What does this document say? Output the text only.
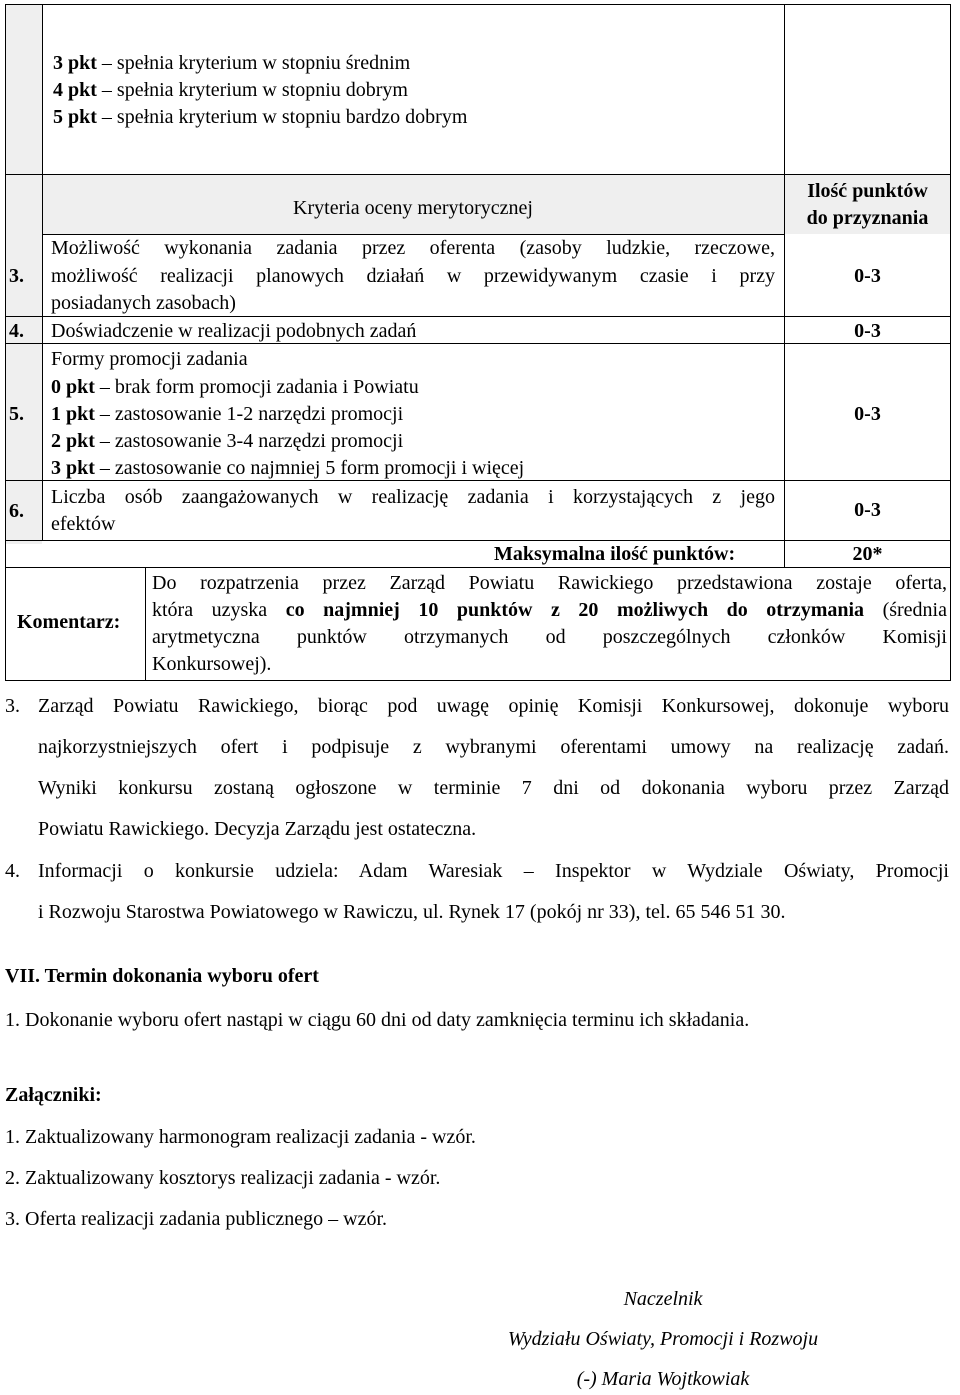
3 pkt – spełnia kryterium w stopniu średnim
4 pkt – spełnia kryterium w stopniu dobrym
5 pkt – spełnia kryterium w stopniu bardzo dobrym
Kryteria oceny merytorycznej
Ilość punktów
do przyznania
3.
Możliwość wykonania zadania przez oferenta (zasoby ludzkie, rzeczowe,
możliwość realizacji planowych działań w przewidywanym czasie i przy
posiadanych zasobach)
0-3
4. Doświadczenie w realizacji podobnych zadań	0-3
5.
Formy promocji zadania
0 pkt – brak form promocji zadania i Powiatu
1 pkt – zastosowanie 1-2 narzędzi promocji
2 pkt – zastosowanie 3-4 narzędzi promocji
3 pkt – zastosowanie co najmniej 5 form promocji i więcej
0-3
6.
Liczba osób zaangażowanych w realizację zadania i korzystających z jego
efektów
0-3
Maksymalna ilość punktów:	20*
Komentarz:
Do rozpatrzenia przez Zarząd Powiatu Rawickiego przedstawiona zostaje oferta,
która uzyska co najmniej 10 punktów z 20 możliwych do otrzymania (średnia
arytmetyczna punktów otrzymanych od poszczególnych członków Komisji
Konkursowej).
3. Zarząd Powiatu Rawickiego, biorąc pod uwagę opinię Komisji Konkursowej, dokonuje wyboru
najkorzystniejszych ofert i podpisuje z wybranymi oferentami umowy na realizację zadań.
Wyniki konkursu zostaną ogłoszone w terminie 7 dni od dokonania wyboru przez Zarząd
Powiatu Rawickiego. Decyzja Zarządu jest ostateczna.
4. Informacji o konkursie udziela: Adam Waresiak – Inspektor w Wydziale Oświaty, Promocji
i Rozwoju Starostwa Powiatowego w Rawiczu, ul. Rynek 17 (pokój nr 33), tel. 65 546 51 30.
VII. Termin dokonania wyboru ofert
1. Dokonanie wyboru ofert nastąpi w ciągu 60 dni od daty zamknięcia terminu ich składania.
Załączniki:
1. Zaktualizowany harmonogram realizacji zadania - wzór.
2. Zaktualizowany kosztorys realizacji zadania - wzór.
3. Oferta realizacji zadania publicznego – wzór.
Naczelnik
Wydziału Oświaty, Promocji i Rozwoju
(-) Maria Wojtkowiak
